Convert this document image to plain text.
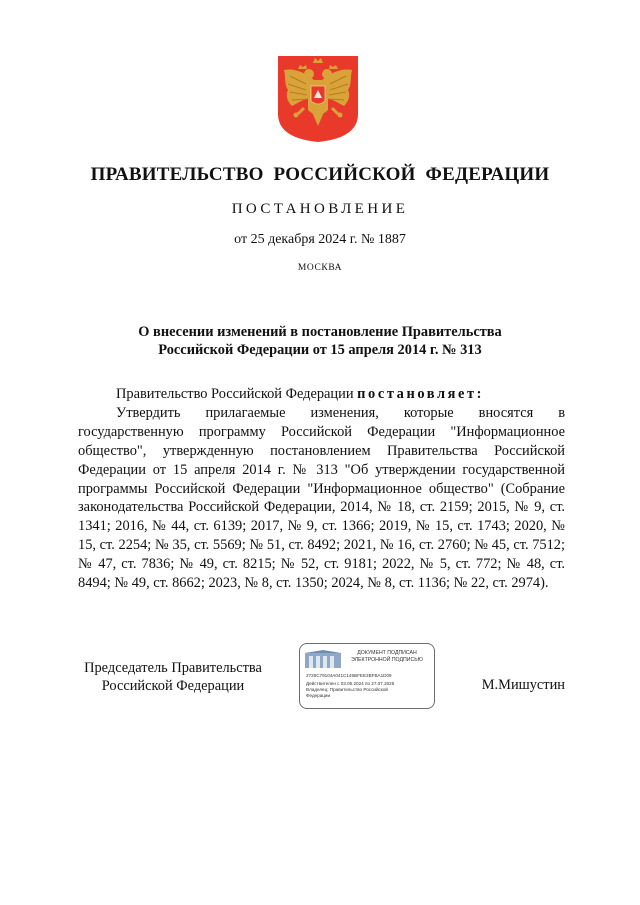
ПРАВИТЕЛЬСТВО РОССИЙСКОЙ ФЕДЕРАЦИИ
ПОСТАНОВЛЕНИЕ
от 25 декабря 2024 г. № 1887
МОСКВА
О внесении изменений в постановление Правительства
Российской Федерации от 15 апреля 2014 г. № 313

Правительство Российской Федерации постановляет:

Утвердить прилагаемые изменения, которые вносятся в государственную программу Российской Федерации "Информационное общество", утвержденную постановлением Правительства Российской Федерации от 15 апреля 2014 г. № 313 "Об утверждении государственной программы Российской Федерации "Информационное общество" (Собрание законодательства Российской Федерации, 2014, № 18, ст. 2159; 2015, № 9, ст. 1341; 2016, № 44, ст. 6139; 2017, № 9, ст. 1366; 2019, № 15, ст. 1743; 2020, № 15, ст. 2254; № 35, ст. 5569; № 51, ст. 8492; 2021, № 16, ст. 2760; № 45, ст. 7512; № 47, ст. 7836; № 49, ст. 8215; № 52, ст. 9181; 2022, № 5, ст. 772; № 48, ст. 8494; № 49, ст. 8662; 2023, № 8, ст. 1350; 2024, № 8, ст. 1136; № 22, ст. 2974).

Председатель Правительства
Российской Федерации
ДОКУМЕНТ ПОДПИСАН
ЭЛЕКТРОННОЙ ПОДПИСЬЮ
2726C79104A041C145BFEE3BFBA1D09
Действителен с 03.05.2024 по 27.07.2025
Владелец: Правительство Российской
Федерации
М.Мишустин
